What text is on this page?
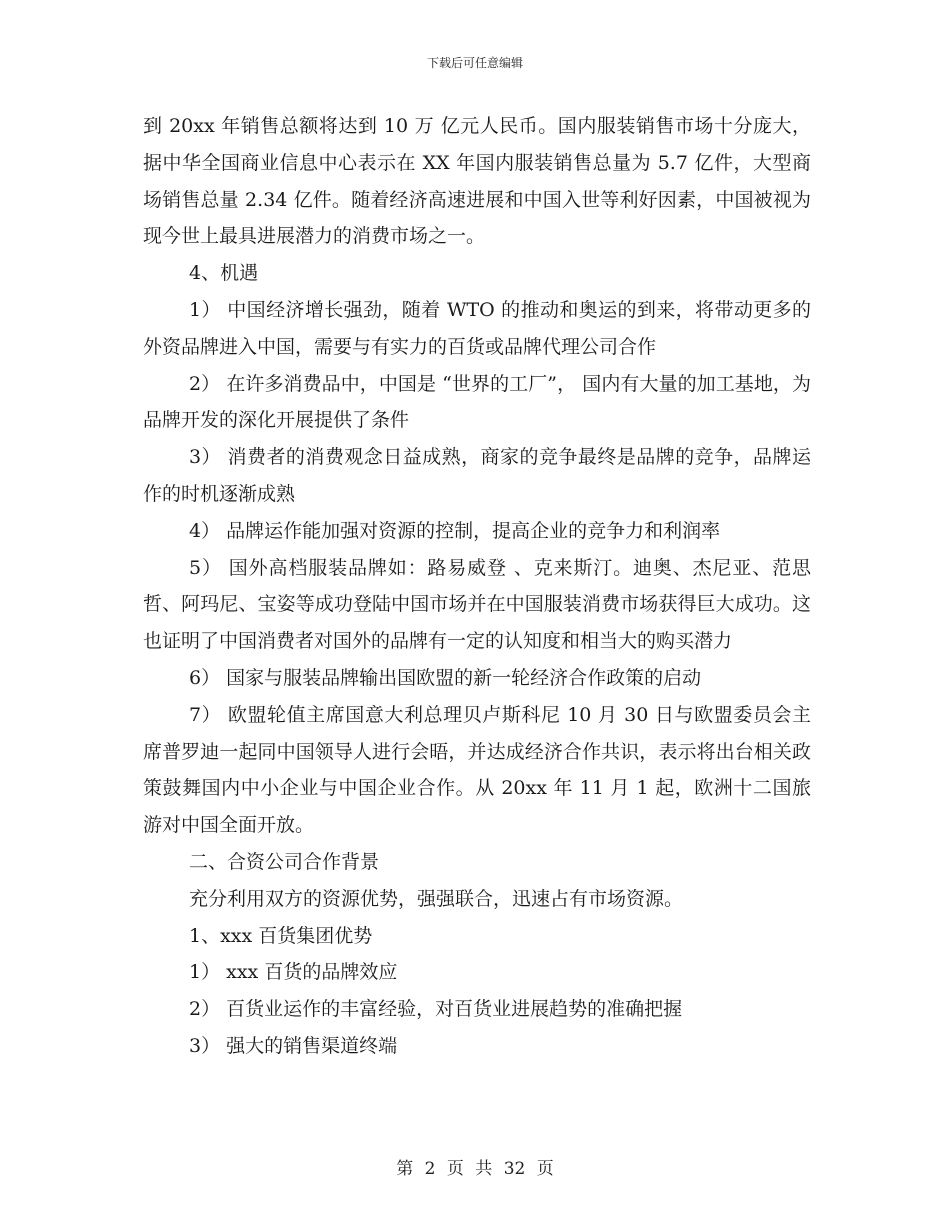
下载后可任意编辑

到 20xx 年销售总额将达到 10 万 亿元人民币。国内服装销售市场十分庞大，据中华全国商业信息中心表示在 XX 年国内服装销售总量为 5.7 亿件，大型商场销售总量 2.34 亿件。随着经济高速进展和中国入世等利好因素，中国被视为现今世上最具进展潜力的消费市场之一。

4、机遇

1） 中国经济增长强劲，随着 WTO 的推动和奥运的到来，将带动更多的外资品牌进入中国，需要与有实力的百货或品牌代理公司合作

2） 在许多消费品中，中国是 “世界的工厂”， 国内有大量的加工基地，为品牌开发的深化开展提供了条件

3） 消费者的消费观念日益成熟，商家的竞争最终是品牌的竞争，品牌运作的时机逐渐成熟

4） 品牌运作能加强对资源的控制，提高企业的竞争力和利润率

5） 国外高档服装品牌如：路易威登 、克来斯汀。迪奥、杰尼亚、范思哲、阿玛尼、宝姿等成功登陆中国市场并在中国服装消费市场获得巨大成功。这也证明了中国消费者对国外的品牌有一定的认知度和相当大的购买潜力

6） 国家与服装品牌输出国欧盟的新一轮经济合作政策的启动

7） 欧盟轮值主席国意大利总理贝卢斯科尼 10 月 30 日与欧盟委员会主席普罗迪一起同中国领导人进行会晤，并达成经济合作共识，表示将出台相关政策鼓舞国内中小企业与中国企业合作。从 20xx 年 11 月 1 起，欧洲十二国旅游对中国全面开放。

二、合资公司合作背景

充分利用双方的资源优势，强强联合，迅速占有市场资源。

1、xxx 百货集团优势

1） xxx 百货的品牌效应

2） 百货业运作的丰富经验，对百货业进展趋势的准确把握

3） 强大的销售渠道终端

第 2 页 共 32 页
